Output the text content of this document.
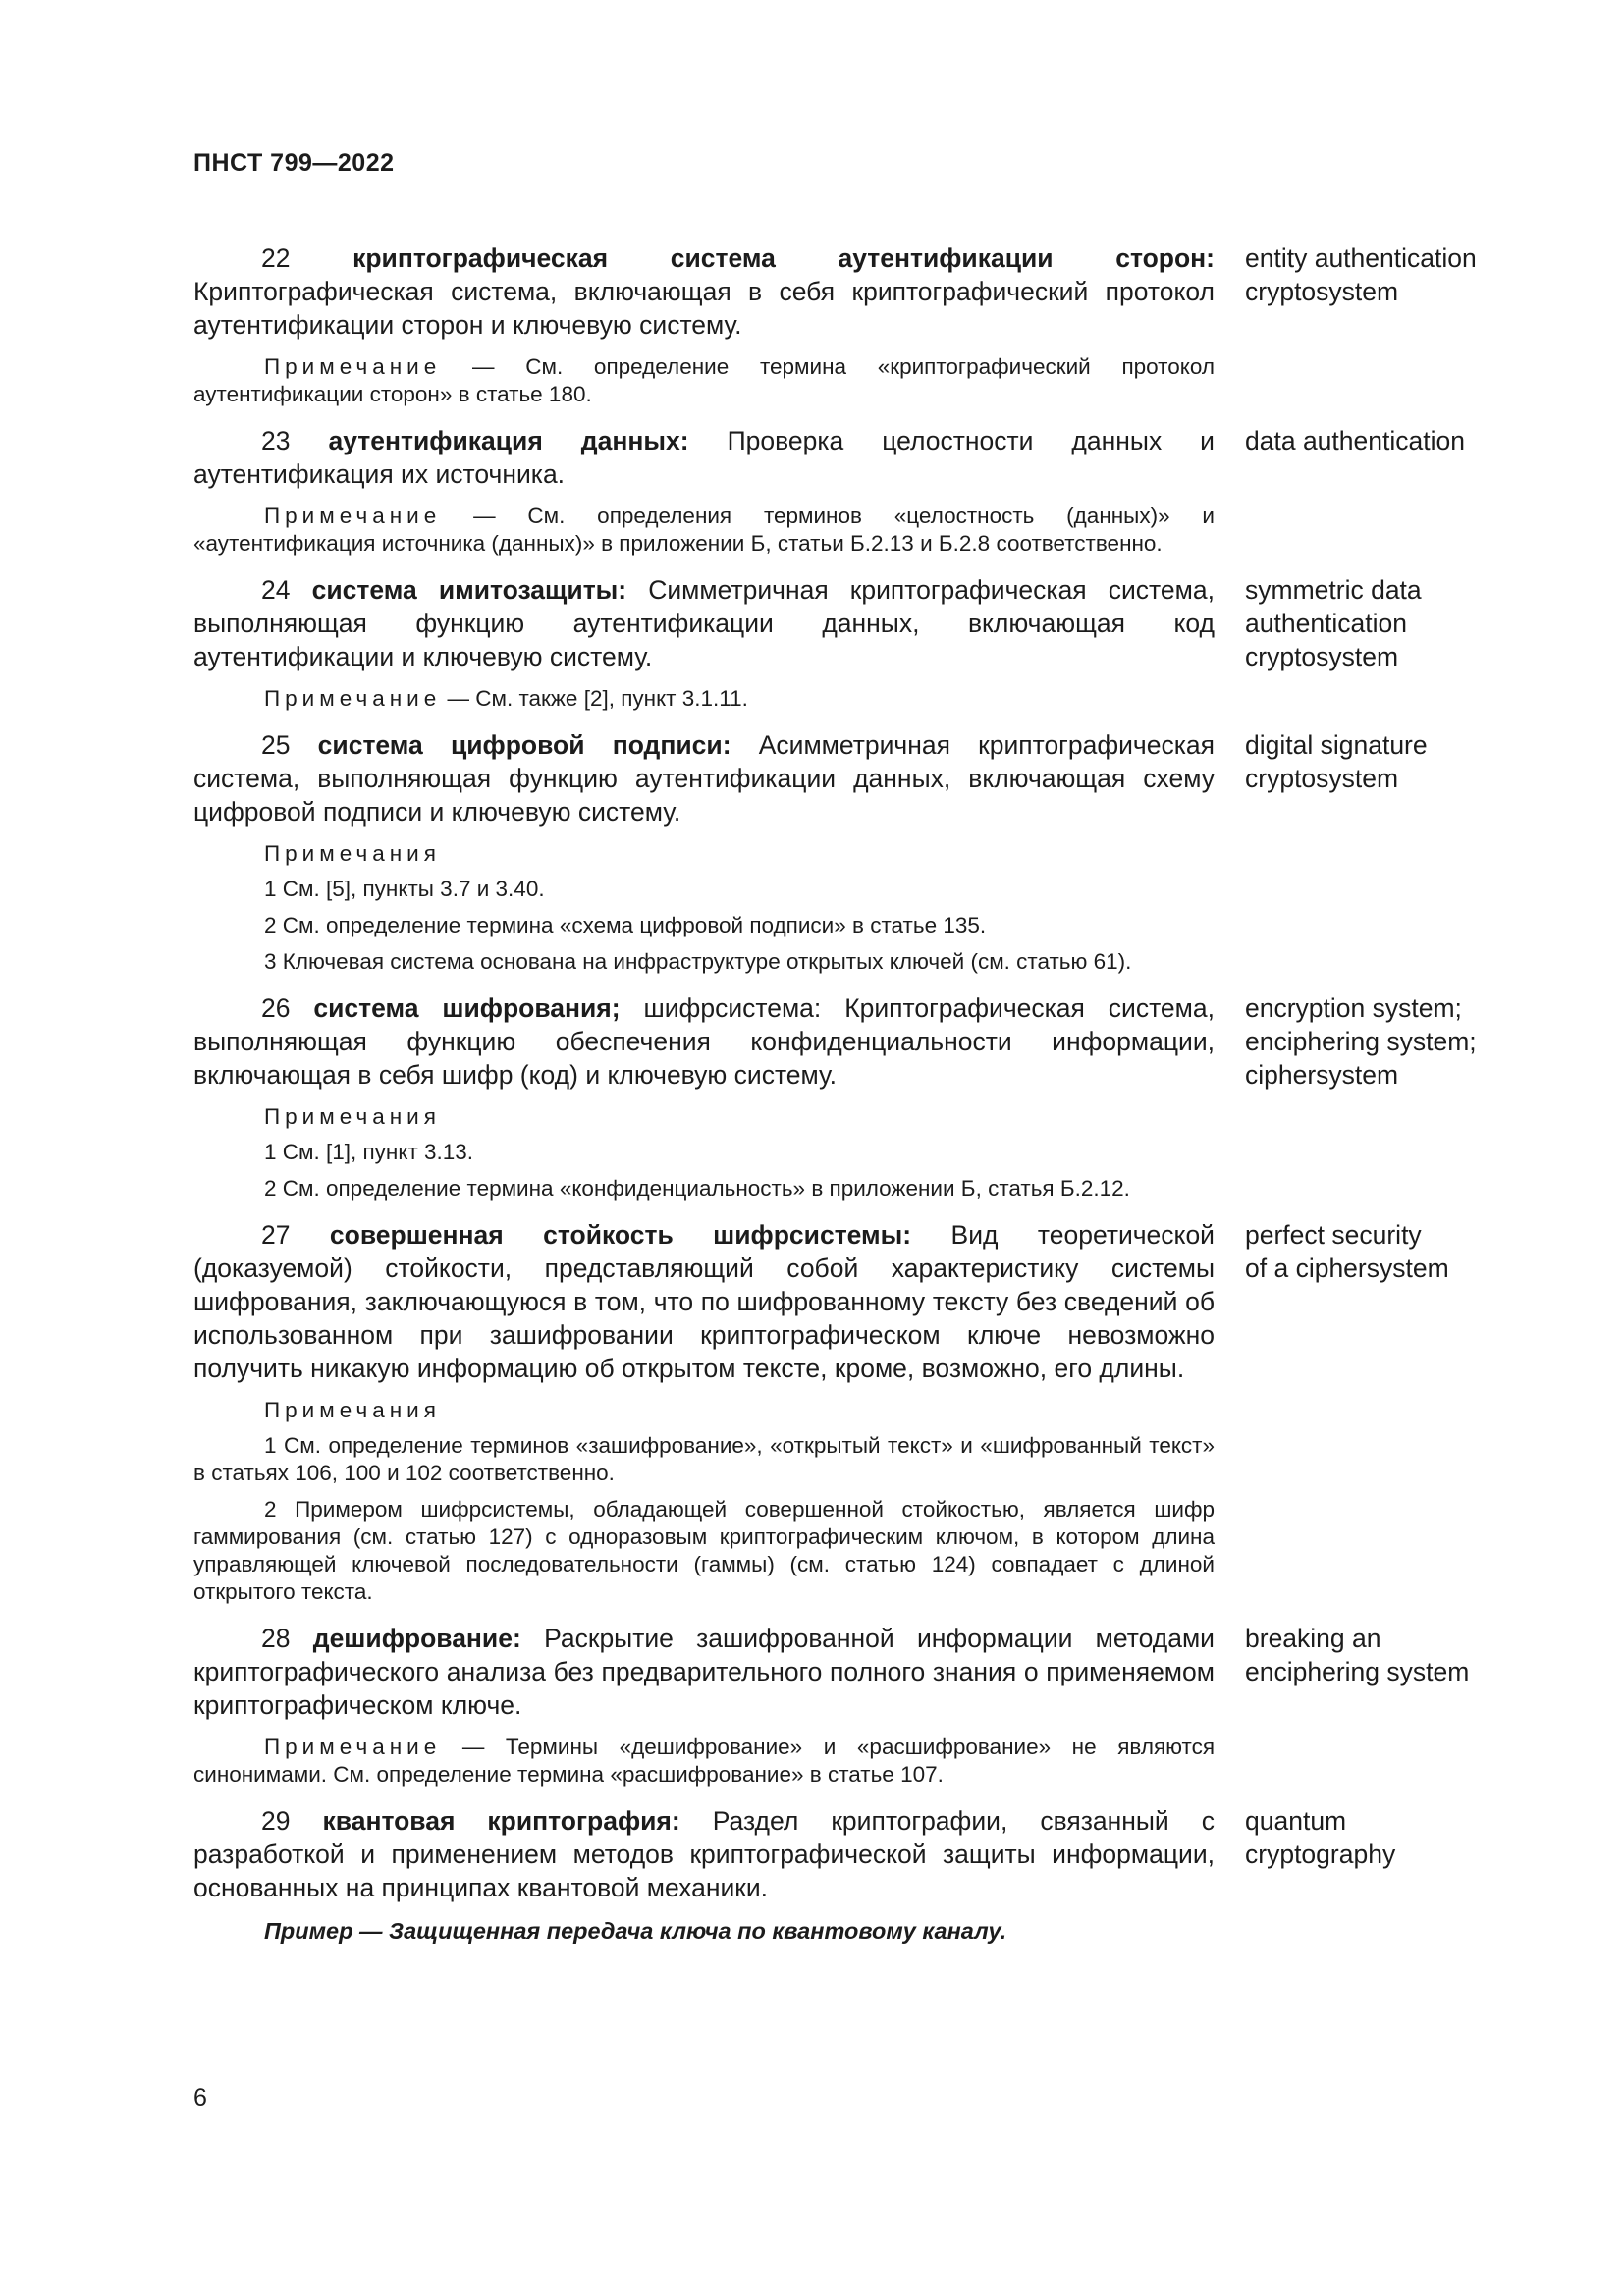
ПНСТ 799—2022

22 криптографическая система аутентификации сторон: Криптографическая система, включающая в себя криптографический протокол аутентификации сторон и ключевую систему.

entity authentication
cryptosystem

Примечание — См. определение термина «криптографический протокол аутентификации сторон» в статье 180.

23 аутентификация данных: Проверка целостности данных и аутентификация их источника.

data authentication

Примечание — См. определения терминов «целостность (данных)» и «аутентификация источника (данных)» в приложении Б, статьи Б.2.13 и Б.2.8 соответственно.

24 система имитозащиты: Симметричная криптографическая система, выполняющая функцию аутентификации данных, включающая код аутентификации и ключевую систему.

symmetric data
authentication
cryptosystem

Примечание — См. также [2], пункт 3.1.11.

25 система цифровой подписи: Асимметричная криптографическая система, выполняющая функцию аутентификации данных, включающая схему цифровой подписи и ключевую систему.

digital signature
cryptosystem

Примечания

1 См. [5], пункты 3.7 и 3.40.

2 См. определение термина «схема цифровой подписи» в статье 135.

3 Ключевая система основана на инфраструктуре открытых ключей (см. статью 61).

26 система шифрования; шифрсистема: Криптографическая система, выполняющая функцию обеспечения конфиденциальности информации, включающая в себя шифр (код) и ключевую систему.

encryption system;
enciphering system;
ciphersystem

Примечания

1 См. [1], пункт 3.13.

2 См. определение термина «конфиденциальность» в приложении Б, статья Б.2.12.

27 совершенная стойкость шифрсистемы: Вид теоретической (доказуемой) стойкости, представляющий собой характеристику системы шифрования, заключающуюся в том, что по шифрованному тексту без сведений об использованном при зашифровании криптографическом ключе невозможно получить никакую информацию об открытом тексте, кроме, возможно, его длины.

perfect security
of a ciphersystem

Примечания

1 См. определение терминов «зашифрование», «открытый текст» и «шифрованный текст» в статьях 106, 100 и 102 соответственно.

2 Примером шифрсистемы, обладающей совершенной стойкостью, является шифр гаммирования (см. статью 127) с одноразовым криптографическим ключом, в котором длина управляющей ключевой последовательности (гаммы) (см. статью 124) совпадает с длиной открытого текста.

28 дешифрование: Раскрытие зашифрованной информации методами криптографического анализа без предварительного полного знания о применяемом криптографическом ключе.

breaking an
enciphering system

Примечание — Термины «дешифрование» и «расшифрование» не являются синонимами. См. определение термина «расшифрование» в статье 107.

29 квантовая криптография: Раздел криптографии, связанный с разработкой и применением методов криптографической защиты информации, основанных на принципах квантовой механики.

quantum
cryptography

Пример — Защищенная передача ключа по квантовому каналу.

6
